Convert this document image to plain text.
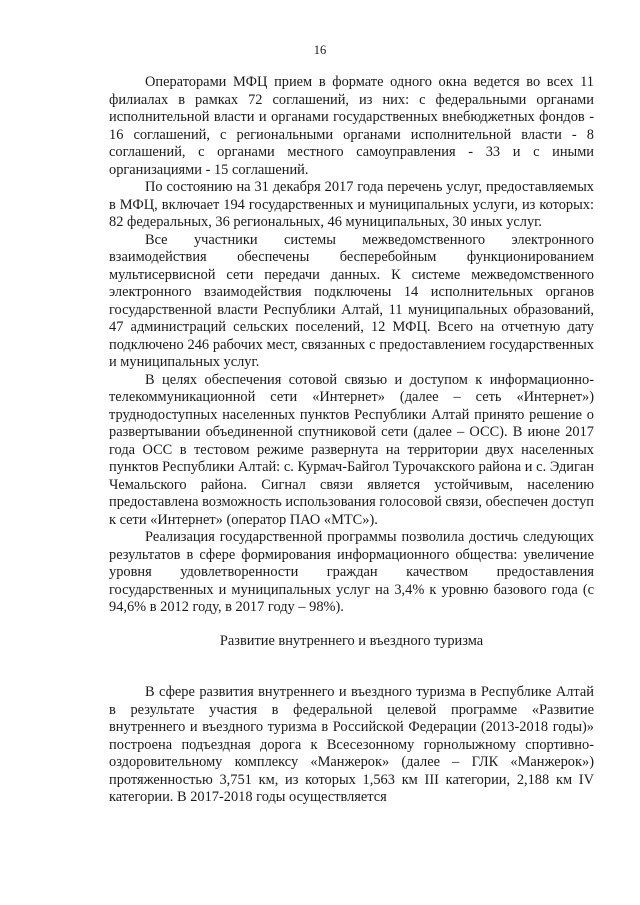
16

Операторами МФЦ прием в формате одного окна ведется во всех 11 филиалах в рамках 72 соглашений, из них: с федеральными органами исполнительной власти и органами государственных внебюджетных фондов - 16 соглашений, с региональными органами исполнительной власти - 8 соглашений, с органами местного самоуправления - 33 и с иными организациями - 15 соглашений.

По состоянию на 31 декабря 2017 года перечень услуг, предоставляемых в МФЦ, включает 194 государственных и муниципальных услуги, из которых: 82 федеральных, 36 региональных, 46 муниципальных, 30 иных услуг.

Все участники системы межведомственного электронного взаимодействия обеспечены бесперебойным функционированием мультисервисной сети передачи данных. К системе межведомственного электронного взаимодействия подключены 14 исполнительных органов государственной власти Республики Алтай, 11 муниципальных образований, 47 администраций сельских поселений, 12 МФЦ. Всего на отчетную дату подключено 246 рабочих мест, связанных с предоставлением государственных и муниципальных услуг.

В целях обеспечения сотовой связью и доступом к информационно-телекоммуникационной сети «Интернет» (далее – сеть «Интернет») труднодоступных населенных пунктов Республики Алтай принято решение о развертывании объединенной спутниковой сети (далее – ОСС). В июне 2017 года ОСС в тестовом режиме развернута на территории двух населенных пунктов Республики Алтай: с. Курмач-Байгол Турочакского района и с. Эдиган Чемальского района. Сигнал связи является устойчивым, населению предоставлена возможность использования голосовой связи, обеспечен доступ к сети «Интернет» (оператор ПАО «МТС»).

Реализация государственной программы позволила достичь следующих результатов в сфере формирования информационного общества: увеличение уровня удовлетворенности граждан качеством предоставления государственных и муниципальных услуг на 3,4% к уровню базового года (с 94,6% в 2012 году, в 2017 году – 98%).

Развитие внутреннего и въездного туризма

В сфере развития внутреннего и въездного туризма в Республике Алтай в результате участия в федеральной целевой программе «Развитие внутреннего и въездного туризма в Российской Федерации (2013-2018 годы)» построена подъездная дорога к Всесезонному горнолыжному спортивно-оздоровительному комплексу «Манжерок» (далее – ГЛК «Манжерок») протяженностью 3,751 км, из которых 1,563 км III категории, 2,188 км IV категории. В 2017-2018 годы осуществляется
